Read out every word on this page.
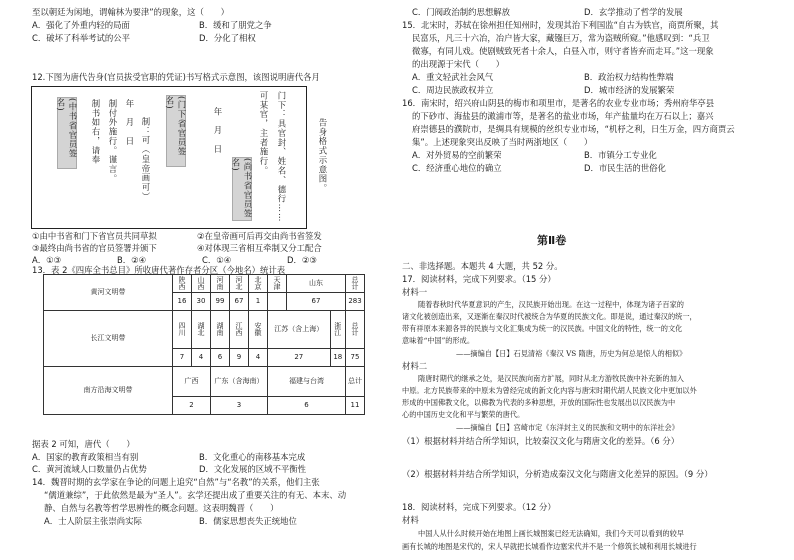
至以朝廷为闲地，谓翰林为要津”的现象，这（　　）
A．强化了外重内轻的局面	B．缓和了朋党之争
C．破坏了科举考试的公平	D．分化了相权
12.下图为唐代告身(官员拔受官职的凭证)书写格式示意图，该图说明唐代各月
(中书省官员签名)	制书如右，请奉 制付外施行。谨言。 年　月　日 制：可（皇帝画可）	(门下省官员签名)
年　月　日
(尚书省官员签名)	可某官，主者施行。 门下：具官封、姓名、德行……	告身格式示意图。
①由中书省和门下省官员共同草拟	②在皇帝画可后再交由尚书省签发
③最终由尚书省的官员签署并颁下	④对体现三省相互牵制又分工配合
A．①③	B．②④	C．①④	D．②③
13．表 2《四库全书总目》所收唐代著作存者分区（今地名）统计表
黄河文明带	陕西	山西	河南	河北	北京	天津	山东		总计
	16	30	99	67	1		67		283
长江文明带	四川	湖北	湖南	江西	安徽	江苏（含上海）		浙江	总计
	7	4	6	9	4	27		18	75
南方沿海文明带	广西		广东（含海南）			福建与台湾			总计
	2		3			6			11
据表 2 可知，唐代（　　）
A．国家的教育政策相当有别	B．文化重心的南移基本完成
C．黄河流域人口数量仍占优势	D．文化发展的区域不平衡性
14．魏晋时期的玄学家在争论的问题上追究“自然”与“名教”的关系，他们主张
“儒道兼综”，于此依然是最为“圣人”。玄学还提出成了重要关注的有无、本末、动
静、自然与名教等哲学思辨性的概念问题。这表明魏晋（　　）
A．士人阶层主张崇尚实际	B．儒家思想丧失正统地位
C．门阀政治制约思想解放	D．玄学推动了哲学的发展
15．北宋时，苏轼在徐州担任知州时，发现其治下利国监“自古为铁官，商贾所聚，其
民富乐，凡三十六冶，冶户皆大家，藏镪巨万，常为盗贼所窥。”他感叹到：“兵卫
微寡，有同儿戏。使剧贼致死者十余人，白昼入市，则守者皆弃而走耳。”这一现象
的出现源于宋代（　　）
A．重文轻武社会风气	B．政治权力结构性弊端
C．周边民族政权并立	D．城市经济的发展繁荣
16．南宋时，绍兴府山阴县的梅市和项里市，是著名的农业专业市场；秀州府华亭县
的下砂市、海盐县的澉浦市等，是著名的盐业市场，年产盐量均在万石以上；嘉兴
府崇德县的濮院市，是绸具有规模的丝织专业市场，“机杼之利，日生万金，四方商贾云
集”。上述现象突出反映了当时两浙地区（　　）
A．对外贸易的空前繁荣	B．市镇分工专业化
C．经济重心地位的确立	D．市民生活的世俗化
二、非选择题。本题共 4 大题，共 52 分。
17．阅读材料，完成下列要求。（15 分）
材料一
随着春秋时代华夏意识的产生，汉民族开始出现。在这一过程中，体现为诸子百家的
诸文化被创造出来，又逐渐在秦汉时代被统合为华夏的民族文化。即是说，通过秦汉的统一，
带有祥原本来源各异的民族与文化汇集成为统一的汉民族。中国文化的特性，统一的文化
意味着“中国”的形成。
——摘编自【日】石見清裕《秦汉 VS 隋唐，历史为何总是惊人的相似》
材料二
隋唐时期代的继承之处，是汉民族向南方扩展，同时从北方游牧民族中补充新的加入
中原。北方民族带来的中原未为曾经完成的新文化内容与唐宋时期代胡人民族文化中更加以外
形成的中国佛教文化，以佛教为代表的多种思想，开放的国际性也发展出以汉民族为中
心的中国历史文化和平与繁荣的唐代。
——摘编自【日】宫崎市定《东洋封主义的民族和文明中的东洋社会》
（1）根据材料并结合所学知识，比较秦汉文化与隋唐文化的差异。（6 分）
（2）根据材料并结合所学知识，分析造成秦汉文化与隋唐文化差异的原因。（9 分）
18．阅读材料，完成下列要求。（12 分）
材料
中国人从什么时候开始在地图上画长城图案已经无法确知，我们今天可以看到的较早
画有长城的地图是宋代的，宋人早就把长城看作边塞宋代并不是一个修筑长城和利用长城进行
第Ⅱ卷
